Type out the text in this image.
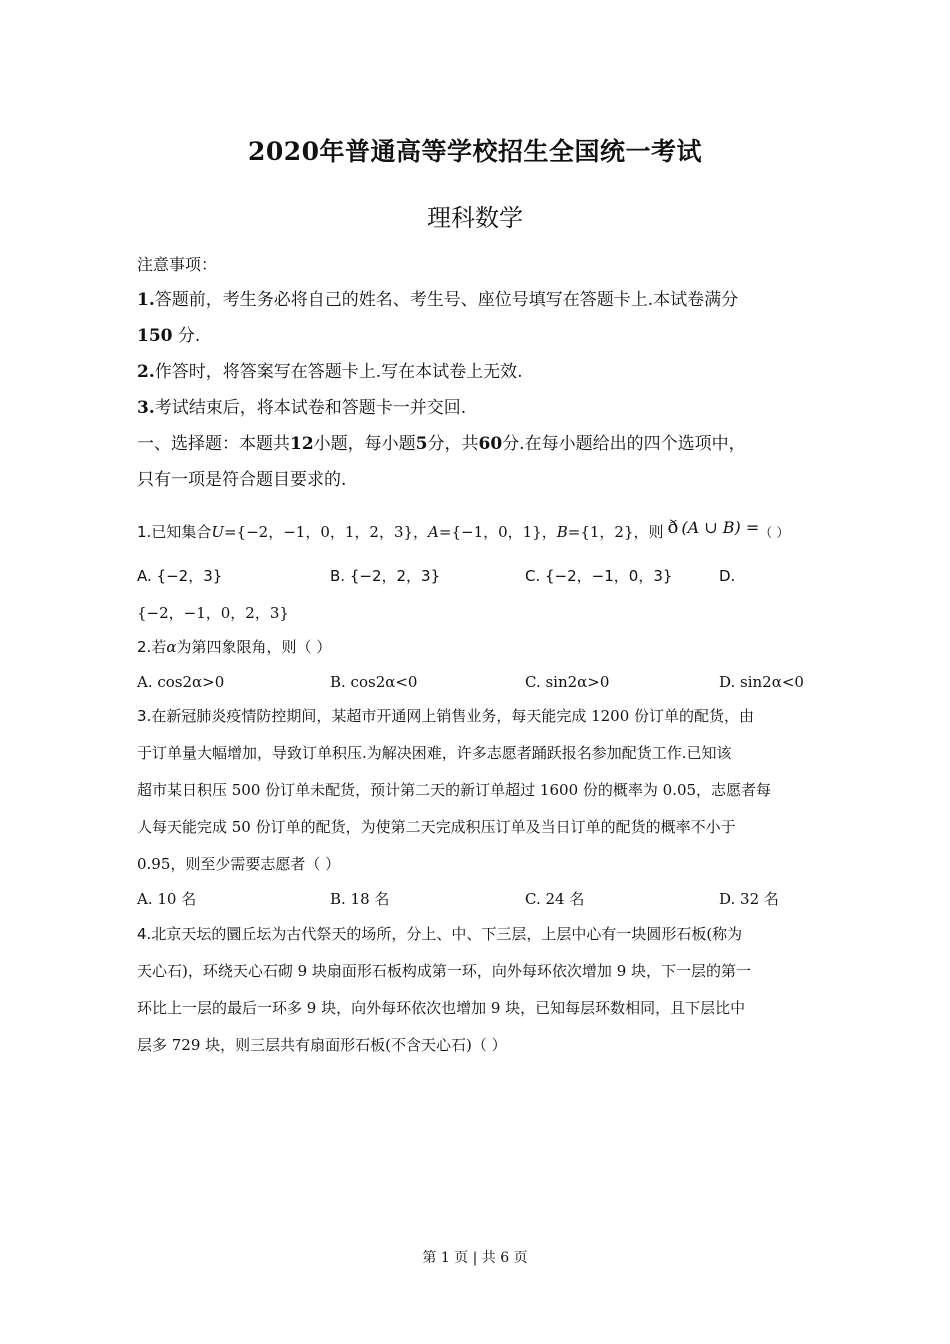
2020年普通高等学校招生全国统一考试
理科数学
注意事项：
1.答题前，考生务必将自己的姓名、考生号、座位号填写在答题卡上.本试卷满分
150 分.
2.作答时，将答案写在答题卡上.写在本试卷上无效.
3.考试结束后，将本试卷和答题卡一并交回.
一、选择题：本题共12小题，每小题5分，共60分.在每小题给出的四个选项中，
只有一项是符合题目要求的.
1.已知集合U={−2，−1，0，1，2，3}，A={−1，0，1}，B={1，2}，则 ð (A ∪ B) =（ ）
A. {−2，3}	B. {−2，2，3}	C. {−2，−1，0，3}	D.
{−2，−1，0，2，3}
2.若α为第四象限角，则（ ）
A. cos2α>0	B. cos2α<0	C. sin2α>0	D. sin2α<0
3.在新冠肺炎疫情防控期间，某超市开通网上销售业务，每天能完成 1200 份订单的配货，由
于订单量大幅增加，导致订单积压.为解决困难，许多志愿者踊跃报名参加配货工作.已知该
超市某日积压 500 份订单未配货，预计第二天的新订单超过 1600 份的概率为 0.05，志愿者每
人每天能完成 50 份订单的配货，为使第二天完成积压订单及当日订单的配货的概率不小于
0.95，则至少需要志愿者（ ）
A. 10 名	B. 18 名	C. 24 名	D. 32 名
4.北京天坛的圜丘坛为古代祭天的场所，分上、中、下三层，上层中心有一块圆形石板(称为
天心石)，环绕天心石砌 9 块扇面形石板构成第一环，向外每环依次增加 9 块，下一层的第一
环比上一层的最后一环多 9 块，向外每环依次也增加 9 块，已知每层环数相同，且下层比中
层多 729 块，则三层共有扇面形石板(不含天心石)（ ）
第 1 页 | 共 6 页
